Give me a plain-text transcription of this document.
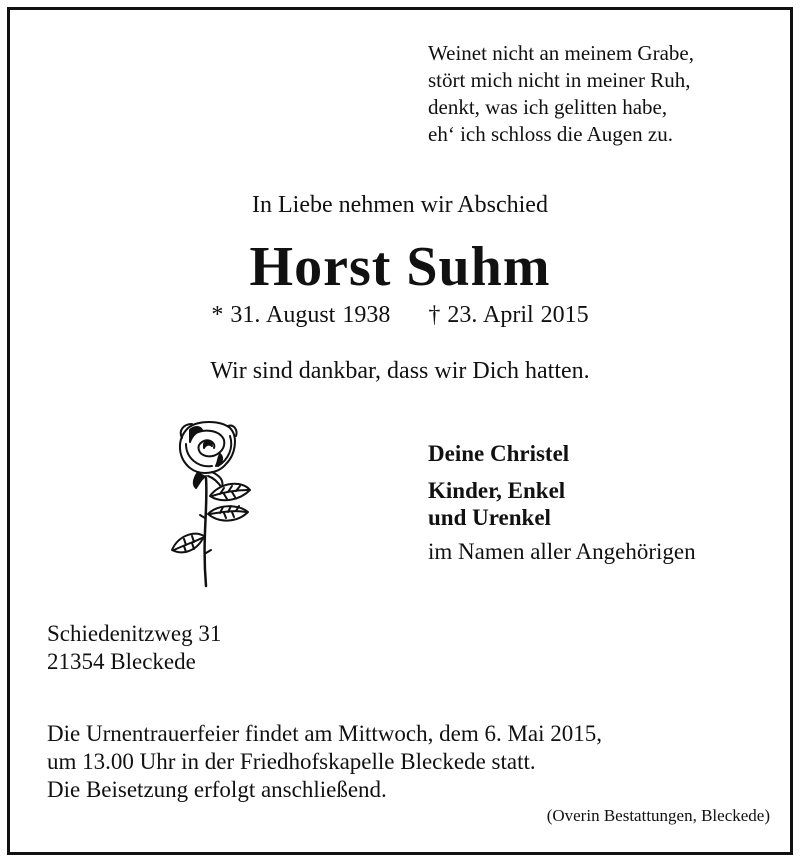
Weinet nicht an meinem Grabe,
stört mich nicht in meiner Ruh,
denkt, was ich gelitten habe,
eh‘ ich schloss die Augen zu.
In Liebe nehmen wir Abschied
Horst Suhm
* 31. August 1938 † 23. April 2015
Wir sind dankbar, dass wir Dich hatten.
Deine Christel
Kinder, Enkel
und Urenkel
im Namen aller Angehörigen
Schiedenitzweg 31
21354 Bleckede
Die Urnentrauerfeier findet am Mittwoch, dem 6. Mai 2015,
um 13.00 Uhr in der Friedhofskapelle Bleckede statt.
Die Beisetzung erfolgt anschließend.
(Overin Bestattungen, Bleckede)
